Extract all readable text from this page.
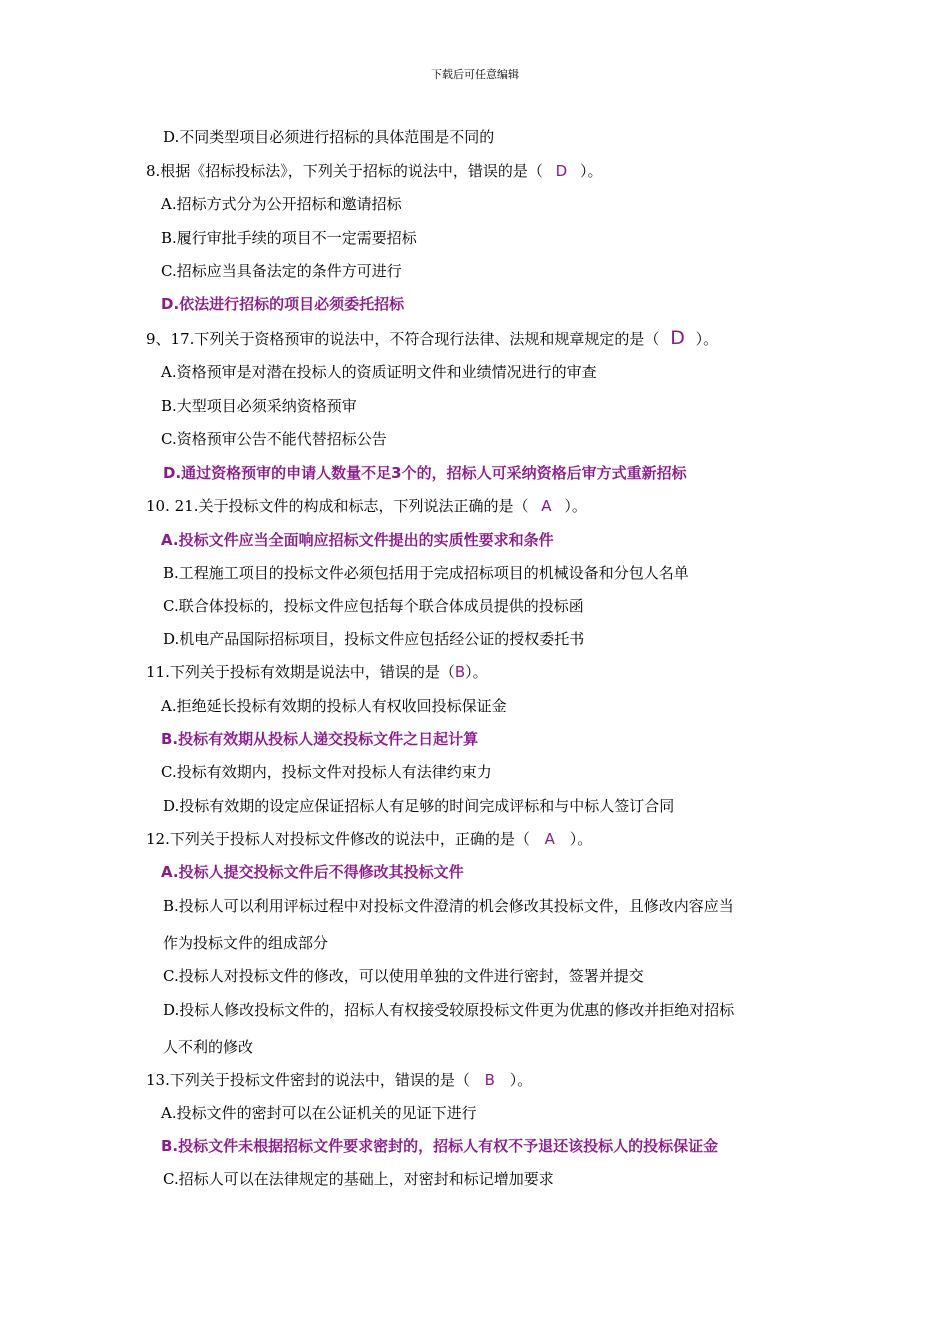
下载后可任意编辑
D.不同类型项目必须进行招标的具体范围是不同的
8.根据《招标投标法》，下列关于招标的说法中，错误的是（ D ）。
A.招标方式分为公开招标和邀请招标
B.履行审批手续的项目不一定需要招标
C.招标应当具备法定的条件方可进行
D.依法进行招标的项目必须委托招标
9、17.下列关于资格预审的说法中，不符合现行法律、法规和规章规定的是（ D ）。
A.资格预审是对潜在投标人的资质证明文件和业绩情况进行的审查
B.大型项目必须采纳资格预审
C.资格预审公告不能代替招标公告
D.通过资格预审的申请人数量不足3个的，招标人可采纳资格后审方式重新招标
10. 21.关于投标文件的构成和标志，下列说法正确的是（ A ）。
A.投标文件应当全面响应招标文件提出的实质性要求和条件
B.工程施工项目的投标文件必须包括用于完成招标项目的机械设备和分包人名单
C.联合体投标的，投标文件应包括每个联合体成员提供的投标函
D.机电产品国际招标项目，投标文件应包括经公证的授权委托书
11.下列关于投标有效期是说法中，错误的是（B）。
A.拒绝延长投标有效期的投标人有权收回投标保证金
B.投标有效期从投标人递交投标文件之日起计算
C.投标有效期内，投标文件对投标人有法律约束力
D.投标有效期的设定应保证招标人有足够的时间完成评标和与中标人签订合同
12.下列关于投标人对投标文件修改的说法中，正确的是（ A ）。
A.投标人提交投标文件后不得修改其投标文件
B.投标人可以利用评标过程中对投标文件澄清的机会修改其投标文件，且修改内容应当
作为投标文件的组成部分
C.投标人对投标文件的修改，可以使用单独的文件进行密封，签署并提交
D.投标人修改投标文件的，招标人有权接受较原投标文件更为优惠的修改并拒绝对招标
人不利的修改
13.下列关于投标文件密封的说法中，错误的是（ B ）。
A.投标文件的密封可以在公证机关的见证下进行
B.投标文件未根据招标文件要求密封的，招标人有权不予退还该投标人的投标保证金
C.招标人可以在法律规定的基础上，对密封和标记增加要求
